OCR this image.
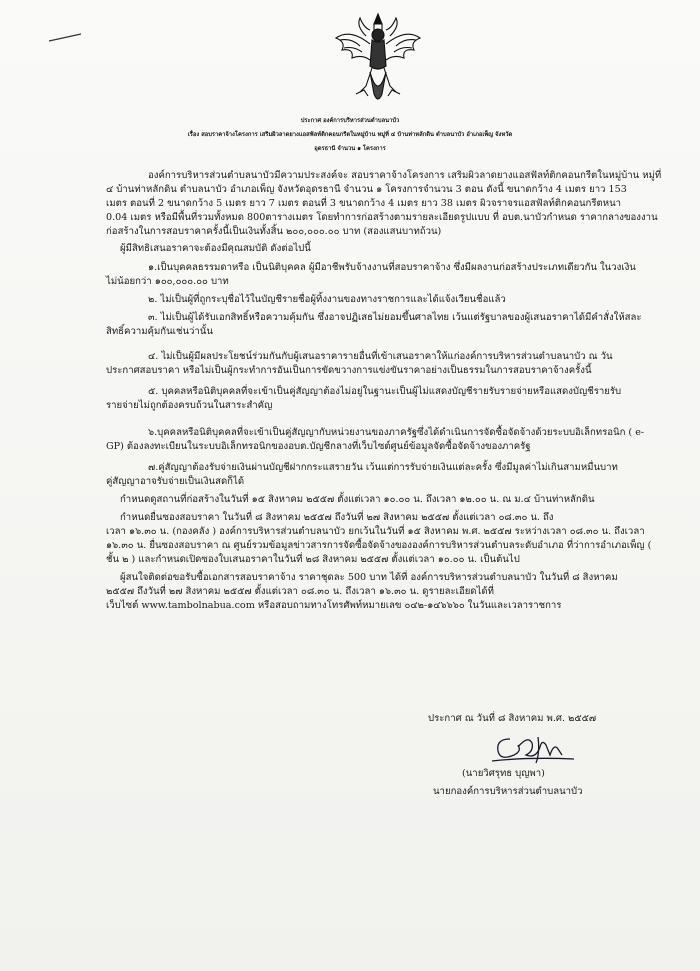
ประกาศ องค์การบริหารส่วนตำบลนาบัว
เรื่อง สอบราคาจ้างโครงการ เสริมผิวลาดยางแอสฟัลท์ติกคอนกรีตในหมู่บ้าน หมู่ที่ ๔ บ้านท่าหลักดิน ตำบลนาบัว อำเภอเพ็ญ จังหวัด
อุดรธานี จำนวน ๑ โครงการ
องค์การบริหารส่วนตำบลนาบัวมีความประสงค์จะ สอบราคาจ้างโครงการ เสริมผิวลาดยางแอสฟัลท์ติกคอนกรีตในหมู่บ้าน หมู่ที่
๔ บ้านท่าหลักดิน ตำบลนาบัว อำเภอเพ็ญ จังหวัดอุดรธานี จำนวน ๑ โครงการจำนวน 3 ตอน ดังนี้ ขนาดกว้าง 4 เมตร ยาว 153
เมตร ตอนที่ 2 ขนาดกว้าง 5 เมตร ยาว 7 เมตร ตอนที่ 3 ขนาดกว้าง 4 เมตร ยาว 38 เมตร ผิวจราจรแอสฟัลท์ติกคอนกรีตหนา
0.04 เมตร หรือมีพื้นที่รวมทั้งหมด 800ตารางเมตร โดยทำการก่อสร้างตามรายละเอียดรูปแบบ ที่ อบต.นาบัวกำหนด ราคากลางของงาน
ก่อสร้างในการสอบราคาครั้งนี้เป็นเงินทั้งสิ้น ๒๐๐,๐๐๐.๐๐ บาท (สองแสนบาทถ้วน)
ผู้มีสิทธิเสนอราคาจะต้องมีคุณสมบัติ ดังต่อไปนี้
๑.เป็นบุคคลธรรมดาหรือ เป็นนิติบุคคล ผู้มีอาชีพรับจ้างงานที่สอบราคาจ้าง ซึ่งมีผลงานก่อสร้างประเภทเดียวกัน ในวงเงิน
ไม่น้อยกว่า ๑๐๐,๐๐๐.๐๐ บาท
๒. ไม่เป็นผู้ที่ถูกระบุชื่อไว้ในบัญชีรายชื่อผู้ทิ้งงานของทางราชการและได้แจ้งเวียนชื่อแล้ว
๓. ไม่เป็นผู้ได้รับเอกสิทธิ์หรือความคุ้มกัน ซึ่งอาจปฏิเสธไม่ยอมขึ้นศาลไทย เว้นแต่รัฐบาลของผู้เสนอราคาได้มีคำสั่งให้สละ
สิทธิ์ความคุ้มกันเช่นว่านั้น
๔. ไม่เป็นผู้มีผลประโยชน์ร่วมกันกับผู้เสนอราคารายอื่นที่เข้าเสนอราคาให้แก่องค์การบริหารส่วนตำบลนาบัว ณ วัน
ประกาศสอบราคา หรือไม่เป็นผู้กระทำการอันเป็นการขัดขวางการแข่งขันราคาอย่างเป็นธรรมในการสอบราคาจ้างครั้งนี้
๕. บุคคลหรือนิติบุคคลที่จะเข้าเป็นคู่สัญญาต้องไม่อยู่ในฐานะเป็นผู้ไม่แสดงบัญชีรายรับรายจ่ายหรือแสดงบัญชีรายรับ
รายจ่ายไม่ถูกต้องครบถ้วนในสาระสำคัญ
๖.บุคคลหรือนิติบุคคลที่จะเข้าเป็นคู่สัญญากับหน่วยงานของภาครัฐซึ่งได้ดำเนินการจัดซื้อจัดจ้างด้วยระบบอิเล็กทรอนิก ( e-
GP) ต้องลงทะเบียนในระบบอิเล็กทรอนิกของอบต.บัญชีกลางที่เว็บไซต์ศูนย์ข้อมูลจัดซื้อจัดจ้างของภาครัฐ
๗.คู่สัญญาต้องรับจ่ายเงินผ่านบัญชีฝากกระแสรายวัน เว้นแต่การรับจ่ายเงินแต่ละครั้ง ซึ่งมีมูลค่าไม่เกินสามหมื่นบาท
คู่สัญญาอาจรับจ่ายเป็นเงินสดก็ได้
กำหนดดูสถานที่ก่อสร้างในวันที่ ๑๕ สิงหาคม ๒๕๕๗ ตั้งแต่เวลา ๑๐.๐๐ น. ถึงเวลา ๑๒.๐๐ น. ณ ม.๔ บ้านท่าหลักดิน
กำหนดยื่นซองสอบราคา ในวันที่ ๘ สิงหาคม ๒๕๕๗ ถึงวันที่ ๒๗ สิงหาคม ๒๕๕๗ ตั้งแต่เวลา ๐๘.๓๐ น. ถึง
เวลา ๑๖.๓๐ น. (กองคลัง ) องค์การบริหารส่วนตำบลนาบัว ยกเว้นในวันที่ ๑๕ สิงหาคม พ.ศ. ๒๕๕๗ ระหว่างเวลา ๐๘.๓๐ น. ถึงเวลา
๑๖.๓๐ น. ยื่นซองสอบราคา ณ ศูนย์รวมข้อมูลข่าวสารการจัดซื้อจัดจ้างขององค์การบริหารส่วนตำบลระดับอำเภอ ที่ว่าการอำเภอเพ็ญ (
ชั้น ๒ ) และกำหนดเปิดซองใบเสนอราคาในวันที่ ๒๘ สิงหาคม ๒๕๕๗ ตั้งแต่เวลา ๑๐.๐๐ น. เป็นต้นไป
ผู้สนใจติดต่อขอรับซื้อเอกสารสอบราคาจ้าง ราคาชุดละ 500 บาท ได้ที่ องค์การบริหารส่วนตำบลนาบัว ในวันที่ ๘ สิงหาคม
๒๕๕๗ ถึงวันที่ ๒๗ สิงหาคม ๒๕๕๗ ตั้งแต่เวลา ๐๘.๓๐ น. ถึงเวลา ๑๖.๓๐ น. ดูรายละเอียดได้ที่
เว็บไซต์ www.tambolnabua.com หรือสอบถามทางโทรศัพท์หมายเลข ๐๔๒-๑๔๖๖๖๐ ในวันและเวลาราชการ
ประกาศ ณ วันที่ ๘ สิงหาคม พ.ศ. ๒๕๕๗
(นายวิศรุทธ บุญพา)
นายกองค์การบริหารส่วนตำบลนาบัว
